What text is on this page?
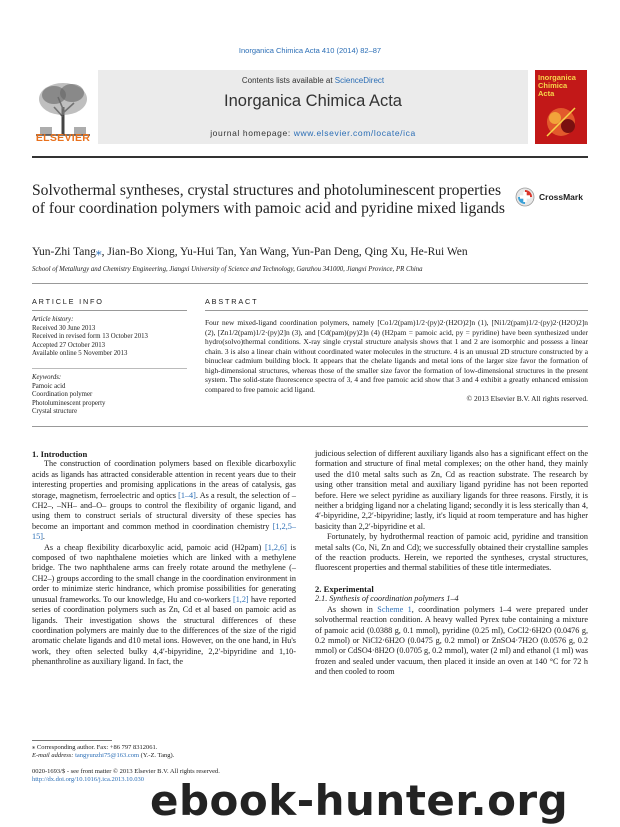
Inorganica Chimica Acta 410 (2014) 82–87
ELSEVIER
Contents lists available at ScienceDirect
Inorganica Chimica Acta
journal homepage: www.elsevier.com/locate/ica
Inorganica Chimica Acta
Solvothermal syntheses, crystal structures and photoluminescent properties of four coordination polymers with pamoic acid and pyridine mixed ligands
CrossMark
Yun-Zhi Tang⁎, Jian-Bo Xiong, Yu-Hui Tan, Yan Wang, Yun-Pan Deng, Qing Xu, He-Rui Wen
School of Metallurgy and Chemistry Engineering, Jiangxi University of Science and Technology, Ganzhou 341000, Jiangxi Province, PR China
ARTICLE INFO
Article history:
Received 30 June 2013
Received in revised form 13 October 2013
Accepted 27 October 2013
Available online 5 November 2013
Keywords:
Pamoic acid
Coordination polymer
Photoluminescent property
Crystal structure
ABSTRACT

Four new mixed-ligand coordination polymers, namely [Co1/2(pam)1/2·(py)2·(H2O)2]n (1), [Ni1/2(pam)1/2·(py)2·(H2O)2]n (2), [Zn1/2(pam)1/2·(py)2]n (3), and [Cd(pam)(py)2]n (4) (H2pam = pamoic acid, py = pyridine) have been synthesized under hydro(solvo)thermal conditions. X-ray single crystal structure analysis shows that 1 and 2 are isomorphic and possess a linear chain. 3 is also a linear chain without coordinated water molecules in the structure. 4 is an unusual 2D structure constructed by a binuclear cadmium building block. It appears that the chelate ligands and metal ions of the larger size favor the formation of high-dimensional structures, whereas those of the smaller size favor the formation of low-dimensional structures in the present system. The solid-state fluorescence spectra of 3, 4 and free pamoic acid show that 3 and 4 exhibit a greatly enhanced emission compared to free pamoic acid ligand.

© 2013 Elsevier B.V. All rights reserved.

1. Introduction

The construction of coordination polymers based on flexible dicarboxylic acids as ligands has attracted considerable attention in recent years due to their interesting properties and promising applications in the areas of catalysis, gas storage, magnetism, ferroelectric and optics [1–4]. As a result, the selection of –CH2–, –NH– and–O– groups to control the flexibility of organic ligand, and using them to construct serials of structural diversity of these species has become an important and common method in coordination chemistry [1,2,5–15].

As a cheap flexibility dicarboxylic acid, pamoic acid (H2pam) [1,2,6] is composed of two naphthalene moieties which are linked with a methylene bridge. The two naphthalene arms can freely rotate around the methylene (–CH2–) groups according to the small change in the coordination environment in order to minimize steric hindrance, which promise possibilities for generating unusual frameworks. To our knowledge, Hu and co-workers [1,2] have reported series of coordination polymers such as Zn, Cd et al based on pamoic acid as ligands. Their investigation shows the structural differences of these coordination polymers are mainly due to the differences of the size of the rigid aromatic chelate ligands and d10 metal ions. However, on the one hand, in Hu's work, they often selected bulky 4,4′-bipyridine, 2,2′-bipyridine and 1,10-phenanthroline as auxiliary ligand. In fact, the

judicious selection of different auxiliary ligands also has a significant effect on the formation and structure of final metal complexes; on the other hand, they mainly used the d10 metal salts such as Zn, Cd as reaction substrate. The research by using other transition metal and auxiliary ligand pyridine has not been reported before. Here we select pyridine as auxiliary ligands for three reasons. Firstly, it is neither a bridging ligand nor a chelating ligand; secondly it is less sterically than 4, 4′-bipyridine, 2,2′-bipyridine; lastly, it's liquid at room temperature and has higher basicity than 2,2′-bipyridine et al.

Fortunately, by hydrothermal reaction of pamoic acid, pyridine and transition metal salts (Co, Ni, Zn and Cd); we successfully obtained their crystalline samples of the reaction products. Herein, we reported the syntheses, crystal structures, fluorescent properties and thermal stabilities of these title intermediates.

2. Experimental

2.1. Synthesis of coordination polymers 1–4

As shown in Scheme 1, coordination polymers 1–4 were prepared under solvothermal reaction condition. A heavy walled Pyrex tube containing a mixture of pamoic acid (0.0388 g, 0.1 mmol), pyridine (0.25 ml), CoCl2·6H2O (0.0476 g, 0.2 mmol) or NiCl2·6H2O (0.0475 g, 0.2 mmol) or ZnSO4·7H2O (0.0576 g, 0.2 mmol) or CdSO4·8H2O (0.0705 g, 0.2 mmol), water (2 ml) and ethanol (1 ml) was frozen and sealed under vacuum, then placed it inside an oven at 140 °C for 72 h and then cooled to room

⁎ Corresponding author. Fax: +86 797 8312061.
E-mail address: tangyunzhi75@163.com (Y.-Z. Tang).
0020-1693/$ - see front matter © 2013 Elsevier B.V. All rights reserved.
http://dx.doi.org/10.1016/j.ica.2013.10.030 ebook-hunter.org
